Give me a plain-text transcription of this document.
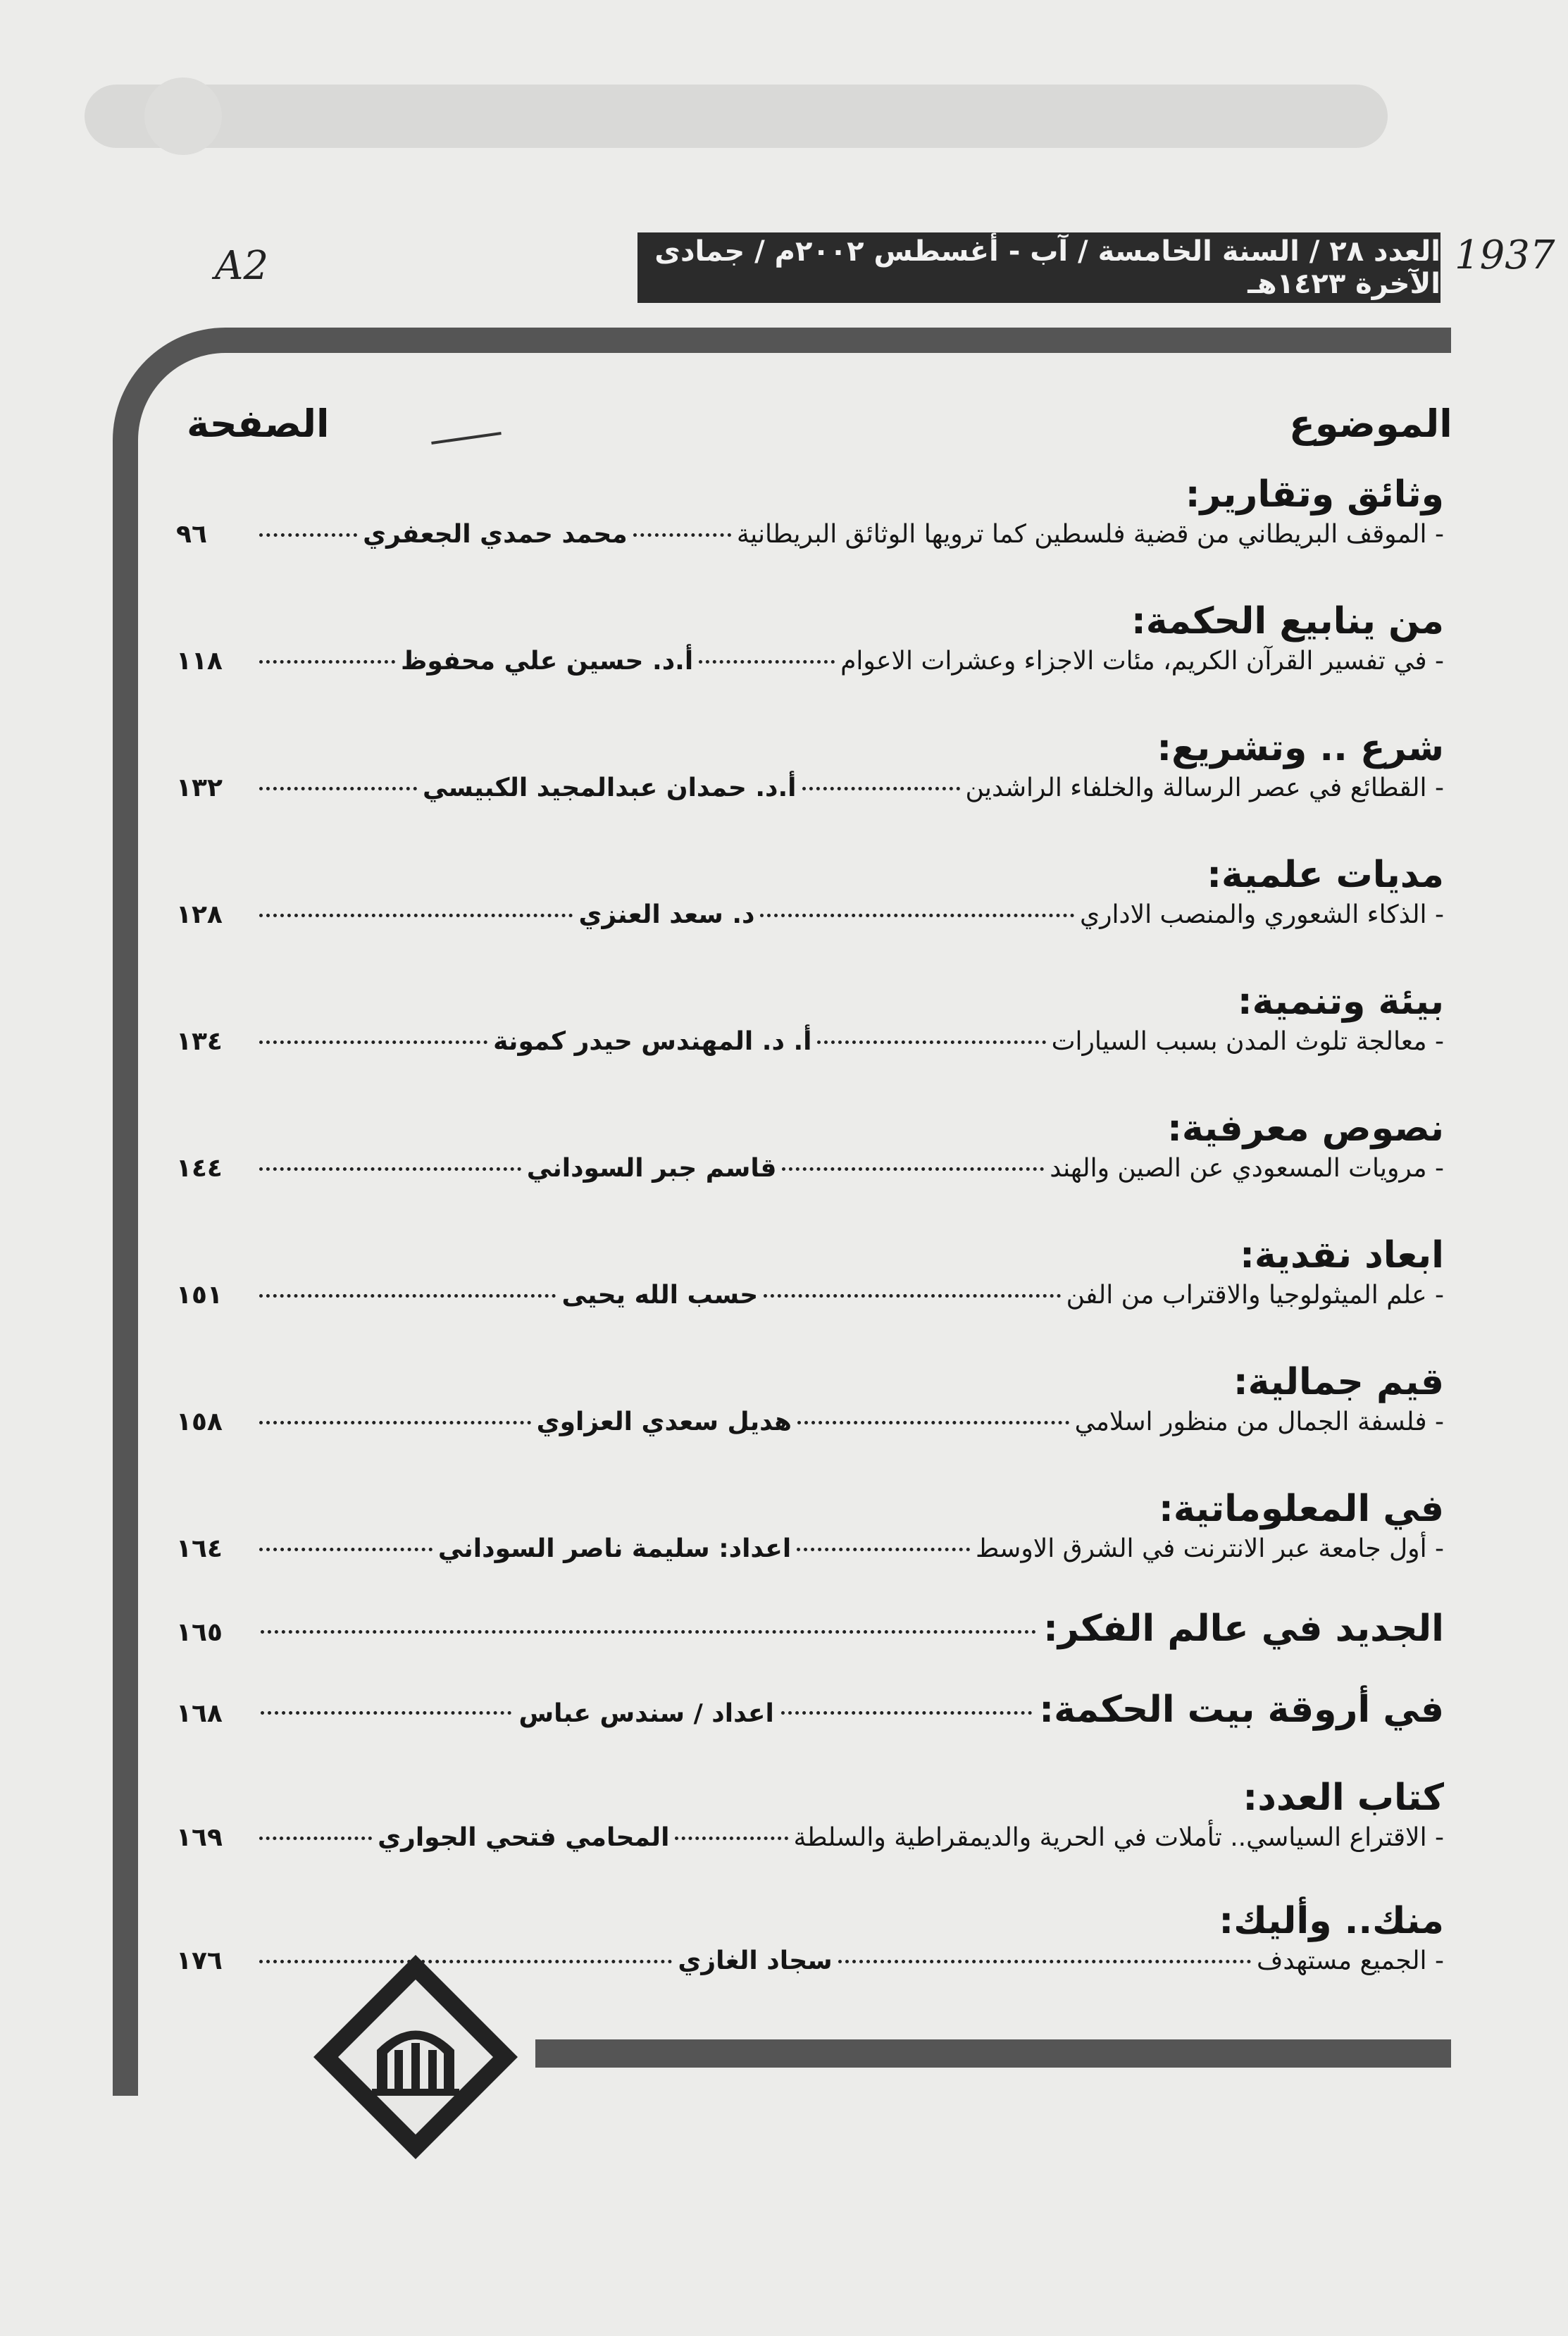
A2	العدد ٢٨ / السنة الخامسة / آب - أغسطس ٢٠٠٢م / جمادى الآخرة ١٤٢٣هـ
1937
الموضوع
الصفحة
وثائق وتقارير:
- الموقف البريطاني من قضية فلسطين كما ترويها الوثائق البريطانية
محمد حمدي الجعفري
٩٦
من ينابيع الحكمة:
- في تفسير القرآن الكريم، مئات الاجزاء وعشرات الاعوام
أ.د. حسين علي محفوظ
١١٨
شرع .. وتشريع:
- القطائع في عصر الرسالة والخلفاء الراشدين
أ.د. حمدان عبدالمجيد الكبيسي
١٣٢
مديات علمية:
- الذكاء الشعوري والمنصب الاداري
د. سعد العنزي
١٢٨
بيئة وتنمية:
- معالجة تلوث المدن بسبب السيارات
أ. د. المهندس حيدر كمونة
١٣٤
نصوص معرفية:
- مرويات المسعودي عن الصين والهند
قاسم جبر السوداني
١٤٤
ابعاد نقدية:
- علم الميثولوجيا والاقتراب من الفن
حسب الله يحيى
١٥١
قيم جمالية:
- فلسفة الجمال من منظور اسلامي
هديل سعدي العزاوي
١٥٨
في المعلوماتية:
- أول جامعة عبر الانترنت في الشرق الاوسط
اعداد: سليمة ناصر السوداني
١٦٤
الجديد في عالم الفكر:
١٦٥
في أروقة بيت الحكمة:
اعداد / سندس عباس
١٦٨
كتاب العدد:
- الاقتراع السياسي.. تأملات في الحرية والديمقراطية والسلطة
المحامي فتحي الجواري
١٦٩
منك.. وأليك:
- الجميع مستهدف
سجاد الغازي
١٧٦
